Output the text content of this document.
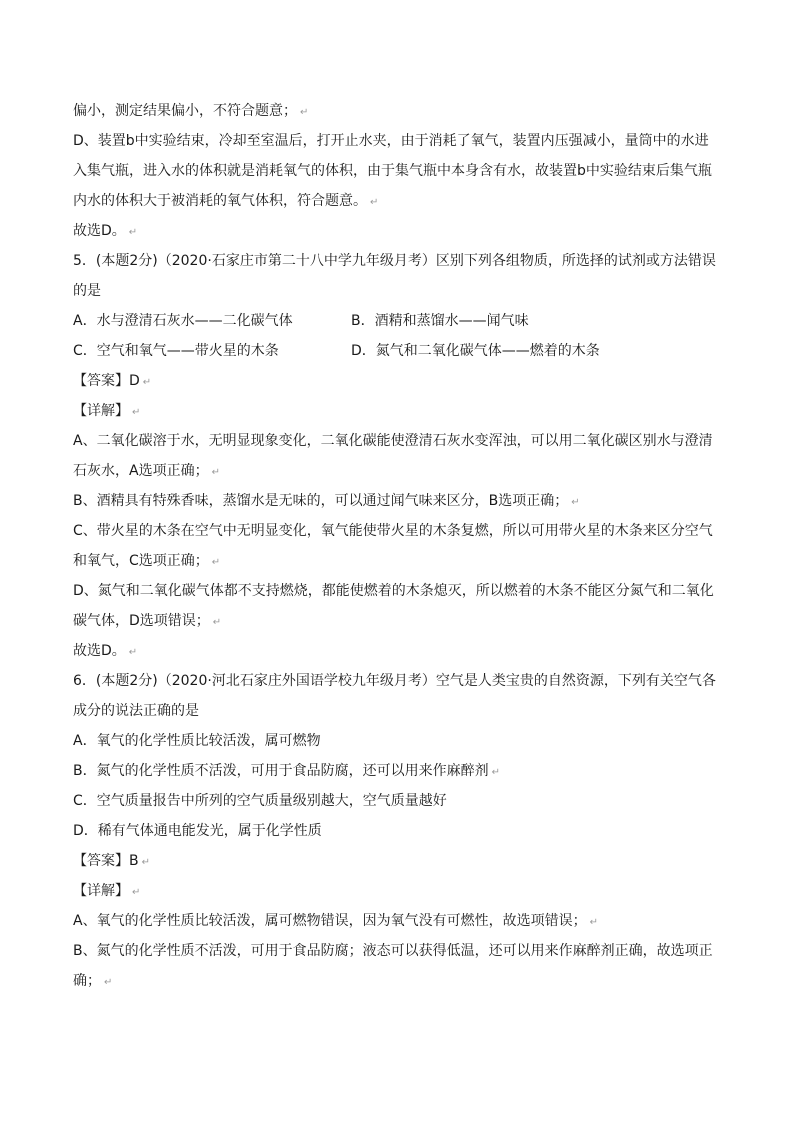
偏小，测定结果偏小，不符合题意； ↵
D、装置b中实验结束，冷却至室温后，打开止水夹，由于消耗了氧气，装置内压强减小，量筒中的水进
入集气瓶，进入水的体积就是消耗氧气的体积，由于集气瓶中本身含有水，故装置b中实验结束后集气瓶
内水的体积大于被消耗的氧气体积，符合题意。 ↵
故选D。 ↵
5．(本题2分)（2020·石家庄市第二十八中学九年级月考）区别下列各组物质，所选择的试剂或方法错误
的是
A．水与澄清石灰水——二化碳气体	B．酒精和蒸馏水——闻气味
C．空气和氧气——带火星的木条	D．氮气和二氧化碳气体——燃着的木条
【答案】D ↵
【详解】 ↵
A、二氧化碳溶于水，无明显现象变化，二氧化碳能使澄清石灰水变浑浊，可以用二氧化碳区别水与澄清
石灰水，A选项正确； ↵
B、酒精具有特殊香味，蒸馏水是无味的，可以通过闻气味来区分，B选项正确； ↵
C、带火星的木条在空气中无明显变化，氧气能使带火星的木条复燃，所以可用带火星的木条来区分空气
和氧气，C选项正确； ↵
D、氮气和二氧化碳气体都不支持燃烧，都能使燃着的木条熄灭，所以燃着的木条不能区分氮气和二氧化
碳气体，D选项错误； ↵
故选D。 ↵
6．(本题2分)（2020·河北石家庄外国语学校九年级月考）空气是人类宝贵的自然资源，下列有关空气各
成分的说法正确的是
A．氧气的化学性质比较活泼，属可燃物
B．氮气的化学性质不活泼，可用于食品防腐，还可以用来作麻醉剂 ↵
C．空气质量报告中所列的空气质量级别越大，空气质量越好
D．稀有气体通电能发光，属于化学性质
【答案】B ↵
【详解】 ↵
A、氧气的化学性质比较活泼，属可燃物错误，因为氧气没有可燃性，故选项错误； ↵
B、氮气的化学性质不活泼，可用于食品防腐；液态可以获得低温，还可以用来作麻醉剂正确，故选项正
确； ↵
